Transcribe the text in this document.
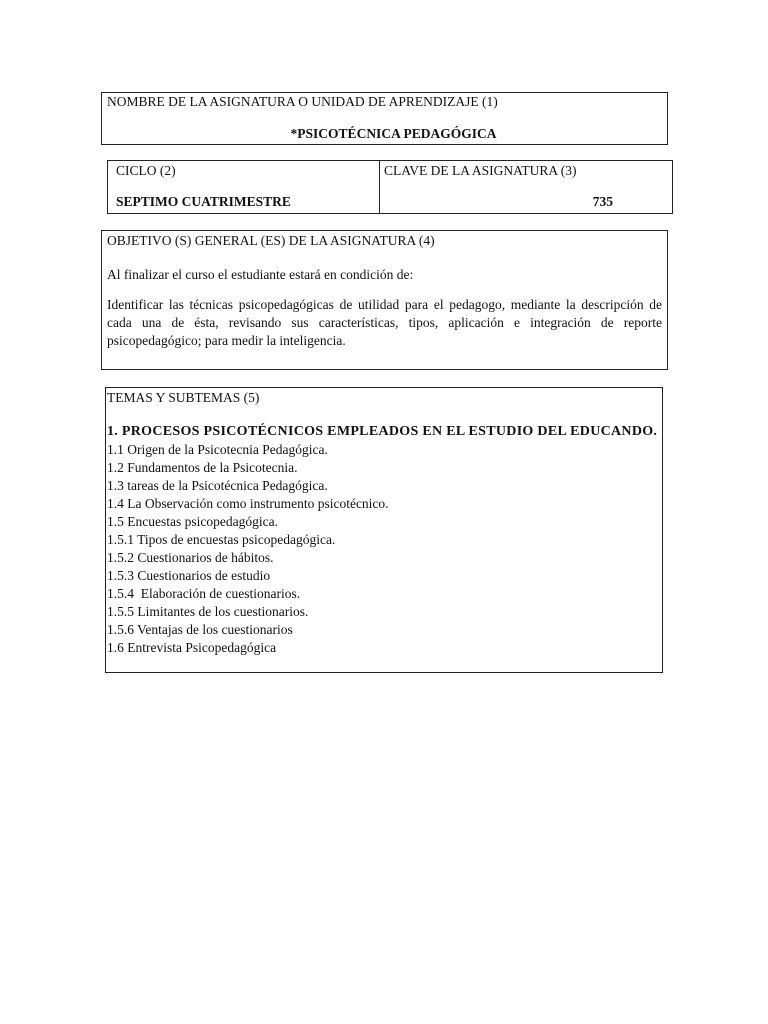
NOMBRE DE LA ASIGNATURA O UNIDAD DE APRENDIZAJE (1)
*PSICOTÉCNICA PEDAGÓGICA
CICLO (2)
SEPTIMO CUATRIMESTRE
CLAVE DE LA ASIGNATURA (3)
735
OBJETIVO (S) GENERAL (ES) DE LA ASIGNATURA (4)
Al finalizar el curso el estudiante estará en condición de:
Identificar las técnicas psicopedagógicas de utilidad para el pedagogo, mediante la descripción de cada una de ésta, revisando sus características, tipos, aplicación e integración de reporte psicopedagógico; para medir la inteligencia.
TEMAS Y SUBTEMAS (5)
1. PROCESOS PSICOTÉCNICOS EMPLEADOS EN EL ESTUDIO DEL EDUCANDO.
1.1 Origen de la Psicotecnia Pedagógica.
1.2 Fundamentos de la Psicotecnia.
1.3 tareas de la Psicotécnica Pedagógica.
1.4 La Observación como instrumento psicotécnico.
1.5 Encuestas psicopedagógica.
1.5.1 Tipos de encuestas psicopedagógica.
1.5.2 Cuestionarios de hábitos.
1.5.3 Cuestionarios de estudio
1.5.4  Elaboración de cuestionarios.
1.5.5 Limitantes de los cuestionarios.
1.5.6 Ventajas de los cuestionarios
1.6 Entrevista Psicopedagógica
